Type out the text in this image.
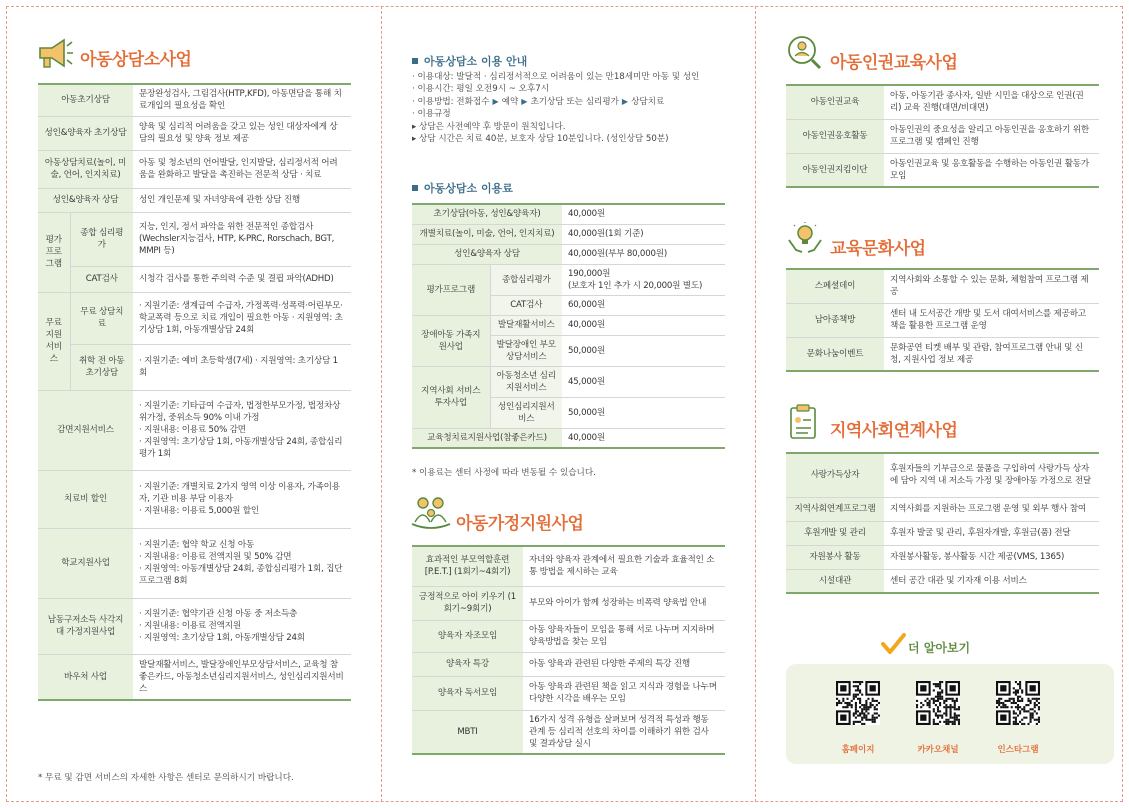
아동상담소사업
아동초기상담		문장완성검사, 그림검사(HTP,KFD), 아동면담을 통해 치료개입의 필요성을 확인
성인&양육자 초기상담		양육 및 심리적 어려움을 갖고 있는 성인 대상자에게 상담의 필요성 및 양육 정보 제공
아동상담치료(놀이, 미술, 언어, 인지치료)		아동 및 청소년의 언어발달, 인지발달, 심리정서적 어려움을 완화하고 발달을 촉진하는 전문적 상담 · 치료
성인&양육자 상담		성인 개인문제 및 자녀양육에 관한 상담 진행
평가 프로 그램	종합 심리평가	지능, 인지, 정서 파악을 위한 전문적인 종합검사 (Wechsler지능검사, HTP, K-PRC, Rorschach, BGT, MMPI 등)
	CAT검사	시청각 검사를 통한 주의력 수준 및 결핍 파악(ADHD)
무료 지원 서비스	무료 상담치료	· 지원기준: 생계급여 수급자, 가정폭력·성폭력·어린부모·학교폭력 등으로 치료 개입이 필요한 아동 · 지원영역: 초기상담 1회, 아동개별상담 24회
	취학 전 아동 초기상담	· 지원기준: 예비 초등학생(7세) · 지원영역: 초기상담 1회
감면지원서비스		· 지원기준: 기타급여 수급자, 법정한부모가정, 법정차상위가정, 중위소득 90% 이내 가정
· 지원내용: 이용료 50% 감면
· 지원영역: 초기상담 1회, 아동개별상담 24회, 종합심리평가 1회
치료비 할인		· 지원기준: 개별치료 2가지 영역 이상 이용자, 가족이용자, 기관 비용 부담 이용자
· 지원내용: 이용료 5,000원 할인
학교지원사업		· 지원기준: 협약 학교 신청 아동
· 지원내용: 이용료 전액지원 및 50% 감면
· 지원영역: 아동개별상담 24회, 종합심리평가 1회, 집단프로그램 8회
남동구저소득 사각지대 가정지원사업		· 지원기준: 협약기관 신청 아동 중 저소득층
· 지원내용: 이용료 전액지원
· 지원영역: 초기상담 1회, 아동개별상담 24회
바우처 사업		발달재활서비스, 발달장애인부모상담서비스, 교육청 참좋은카드, 아동청소년심리지원서비스, 성인심리지원서비스
* 무료 및 감면 서비스의 자세한 사항은 센터로 문의하시기 바랍니다.
아동상담소 이용 안내
· 이용대상: 발달적 · 심리정서적으로 어려움이 있는 만18세미만 아동 및 성인
· 이용시간: 평일 오전9시 ~ 오후7시
· 이용방법: 전화접수 ▶ 예약 ▶ 초기상담 또는 심리평가 ▶ 상담치료
· 이용규정
▸ 상담은 사전예약 후 방문이 원칙입니다.
▸ 상담 시간은 치료 40분, 보호자 상담 10분입니다. (성인상담 50분)
아동상담소 이용료
초기상담(아동, 성인&양육자)		40,000원
개별치료(놀이, 미술, 언어, 인지치료)		40,000원(1회 기준)
성인&양육자 상담		40,000원(부부 80,000원)
평가프로그램	종합심리평가	190,000원
(보호자 1인 추가 시 20,000원 별도)
	CAT검사	60,000원
장애아동 가족지원사업	발달재활서비스	40,000원
	발달장애인 부모상담서비스	50,000원
지역사회 서비스투자사업	아동청소년 심리지원서비스	45,000원
	성인심리지원서비스	50,000원
교육청치료지원사업(참좋은카드)		40,000원
* 이용료는 센터 사정에 따라 변동될 수 있습니다.
아동가정지원사업
효과적인 부모역할훈련 [P.E.T.] (1회기~4회기)	자녀와 양육자 관계에서 필요한 기술과 효율적인 소통 방법을 제시하는 교육
긍정적으로 아이 키우기 (1회기~9회기)	부모와 아이가 함께 성장하는 비폭력 양육법 안내
양육자 자조모임	아동 양육자들이 모임을 통해 서로 나누며 지지하며 양육방법을 찾는 모임
양육자 특강	아동 양육과 관련된 다양한 주제의 특강 진행
양육자 독서모임	아동 양육과 관련된 책을 읽고 지식과 경험을 나누며 다양한 시각을 배우는 모임
MBTI	16가지 성격 유형을 살펴보며 성격적 특성과 행동 관계 등 심리적 선호의 차이를 이해하기 위한 검사 및 결과상담 실시
아동인권교육사업
아동인권교육	아동, 아동기관 종사자, 일반 시민을 대상으로 인권(권리) 교육 진행(대면/비대면)
아동인권옹호활동	아동인권의 중요성을 알리고 아동인권을 옹호하기 위한 프로그램 및 캠페인 진행
아동인권지킴이단	아동인권교육 및 옹호활동을 수행하는 아동인권 활동가 모임
교육문화사업
스페셜데이	지역사회와 소통할 수 있는 문화, 체험참여 프로그램 제공
남아종책방	센터 내 도서공간 개방 및 도서 대여서비스를 제공하고 책을 활용한 프로그램 운영
문화나눔이벤트	문화공연 티켓 배부 및 관람, 참여프로그램 안내 및 신청, 지원사업 정보 제공
지역사회연계사업
사랑가득상자	후원자들의 기부금으로 물품을 구입하여 사랑가득 상자에 담아 지역 내 저소득 가정 및 장애아동 가정으로 전달
지역사회연계프로그램	지역사회를 지원하는 프로그램 운영 및 외부 행사 참여
후원개발 및 관리	후원자 발굴 및 관리, 후원자개발, 후원금(품) 전달
자원봉사 활동	자원봉사활동, 봉사활동 시간 제공(VMS, 1365)
시설대관	센터 공간 대관 및 기자재 이용 서비스
더 알아보기
홈페이지	카카오채널	인스타그램
